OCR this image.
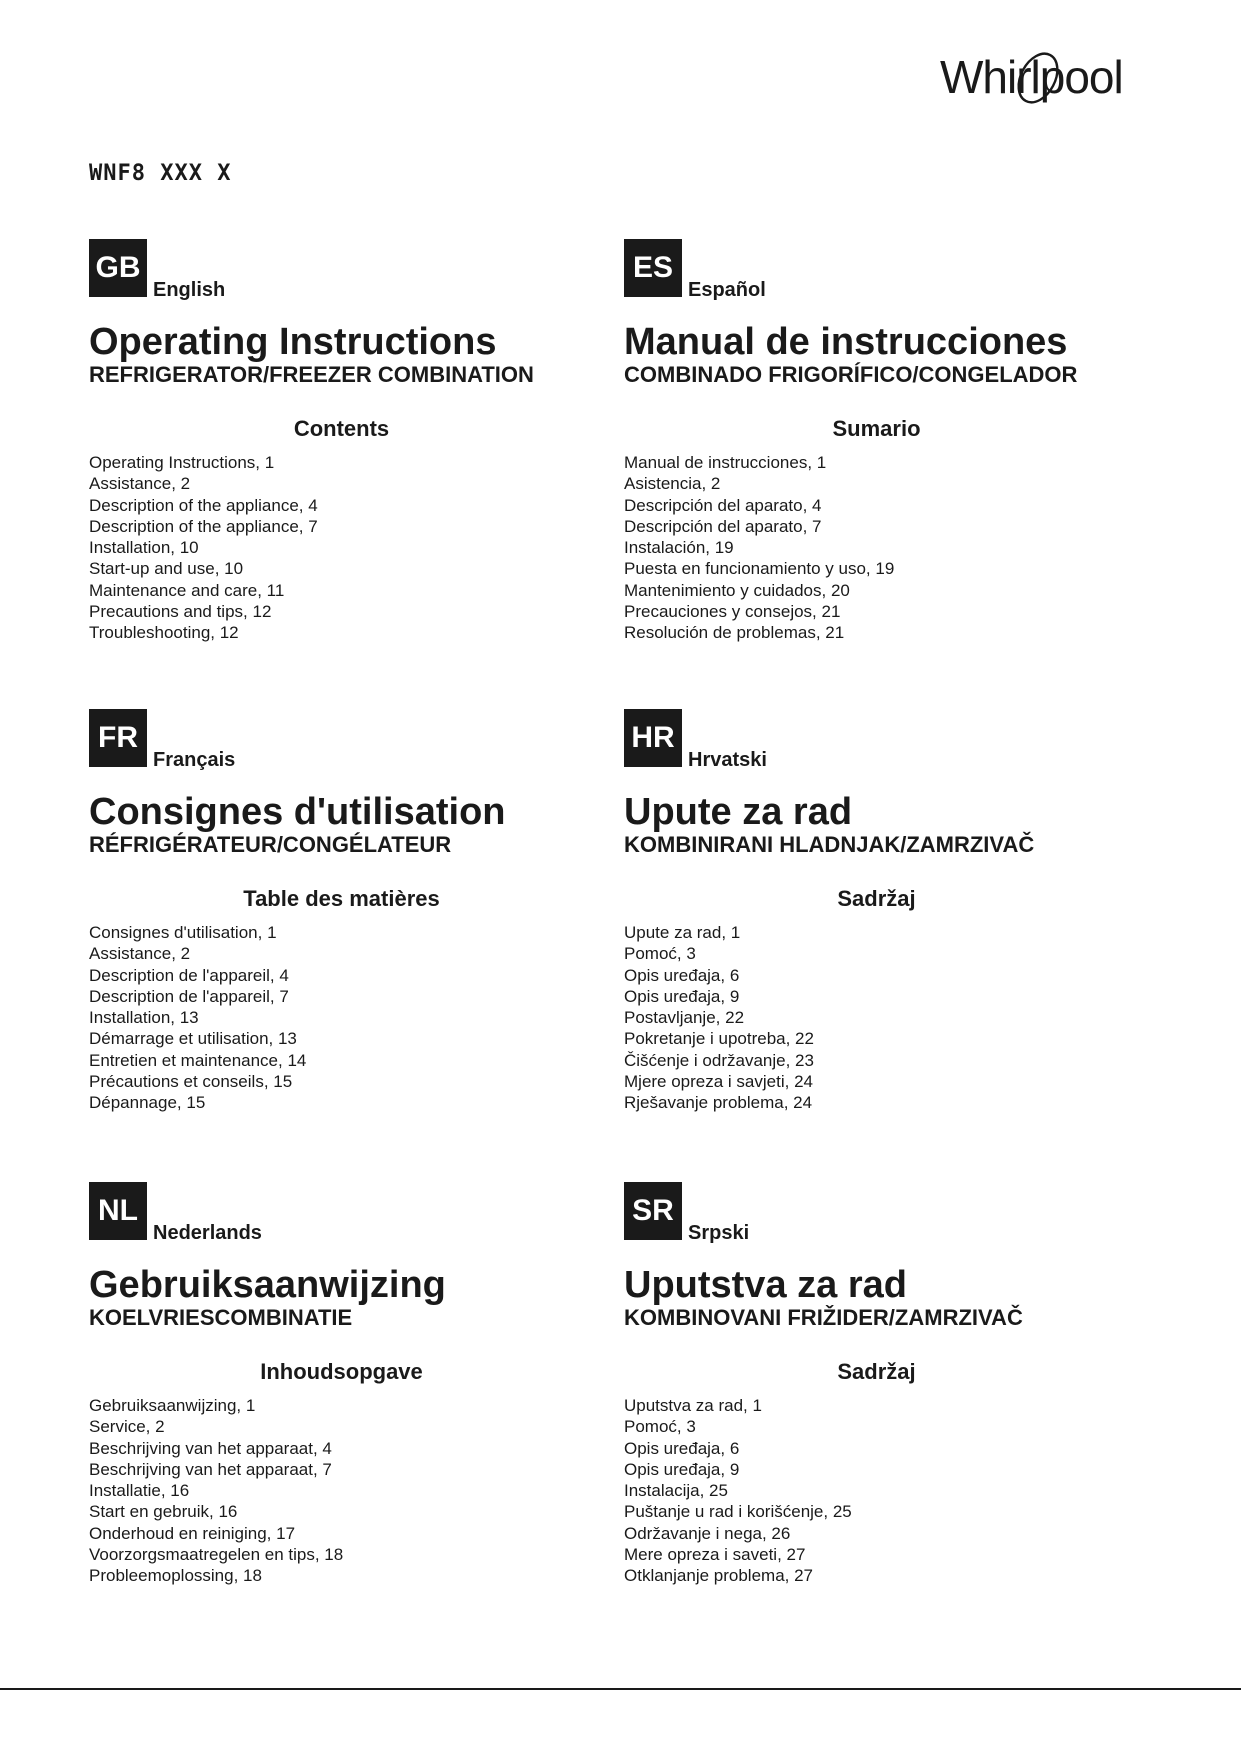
Whirlpool
WNF8 XXX X
GB
English
Operating Instructions
REFRIGERATOR/FREEZER COMBINATION
Contents
Operating Instructions, 1
Assistance, 2
Description of the appliance, 4
Description of the appliance, 7
Installation, 10
Start-up and use, 10
Maintenance and care, 11
Precautions and tips, 12
Troubleshooting, 12
ES
Español
Manual de instrucciones
COMBINADO FRIGORÍFICO/CONGELADOR
Sumario
Manual de instrucciones, 1
Asistencia, 2
Descripción del aparato, 4
Descripción del aparato, 7
Instalación, 19
Puesta en funcionamiento y uso, 19
Mantenimiento y cuidados, 20
Precauciones y consejos, 21
Resolución de problemas, 21
FR
Français
Consignes d'utilisation
RÉFRIGÉRATEUR/CONGÉLATEUR
Table des matières
Consignes d'utilisation, 1
Assistance, 2
Description de l'appareil, 4
Description de l'appareil, 7
Installation, 13
Démarrage et utilisation, 13
Entretien et maintenance, 14
Précautions et conseils, 15
Dépannage, 15
HR
Hrvatski
Upute za rad
KOMBINIRANI HLADNJAK/ZAMRZIVAČ
Sadržaj
Upute za rad, 1
Pomoć, 3
Opis uređaja, 6
Opis uređaja, 9
Postavljanje, 22
Pokretanje i upotreba, 22
Čišćenje i održavanje, 23
Mjere opreza i savjeti, 24
Rješavanje problema, 24
NL
Nederlands
Gebruiksaanwijzing
KOELVRIESCOMBINATIE
Inhoudsopgave
Gebruiksaanwijzing, 1
Service, 2
Beschrijving van het apparaat, 4
Beschrijving van het apparaat, 7
Installatie, 16
Start en gebruik, 16
Onderhoud en reiniging, 17
Voorzorgsmaatregelen en tips, 18
Probleemoplossing, 18
SR
Srpski
Uputstva za rad
KOMBINOVANI FRIŽIDER/ZAMRZIVAČ
Sadržaj
Uputstva za rad, 1
Pomoć, 3
Opis uređaja, 6
Opis uređaja, 9
Instalacija, 25
Puštanje u rad i korišćenje, 25
Održavanje i nega, 26
Mere opreza i saveti, 27
Otklanjanje problema, 27
